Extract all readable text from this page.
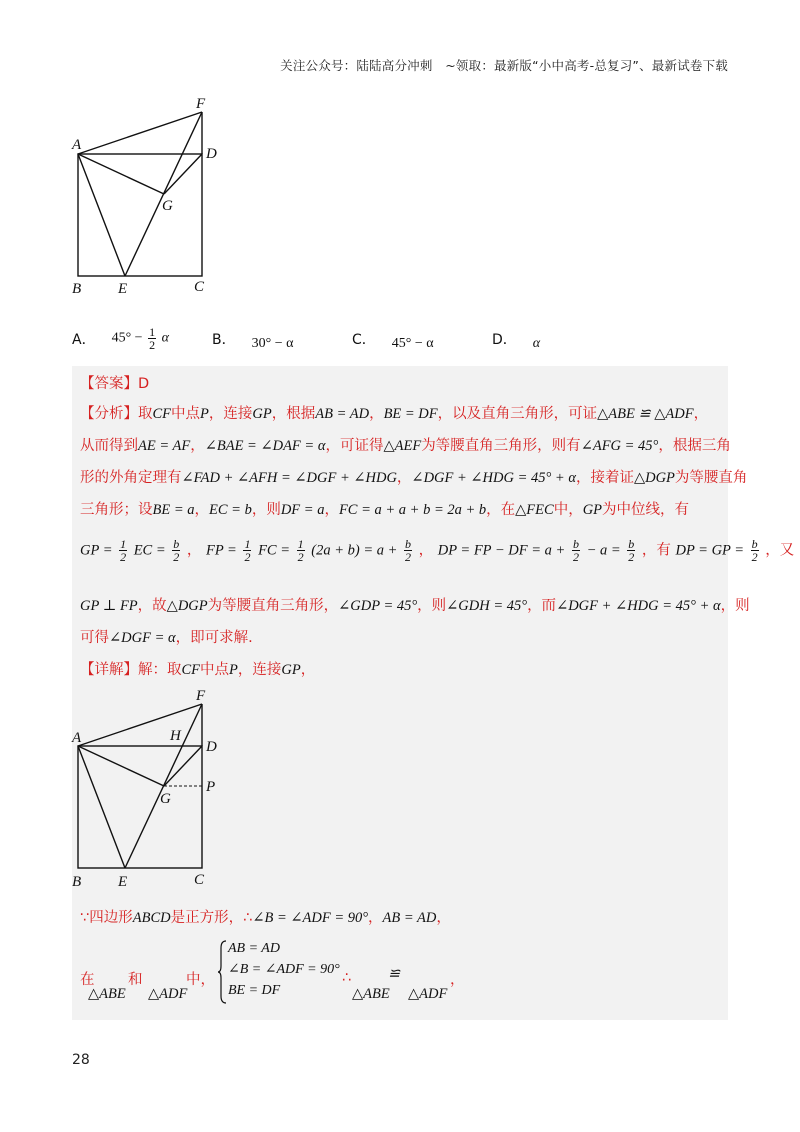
关注公众号：陆陆高分冲刺　~领取：最新版“小中高考-总复习”、最新试卷下载
A
B	C
D
E
F
G
A． $45^\circ - \frac{1}{2}$ α	B． 30° − α	C． 45° − α	D． α
【答案】D
【分析】取CF中点P，连接GP，根据AB = AD，BE = DF，以及直角三角形，可证△ABE ≌ △ADF，
从而得到AE = AF，∠BAE = ∠DAF = α，可证得△AEF为等腰直角三角形，则有∠AFG = 45°，根据三角
形的外角定理有∠FAD + ∠AFH = ∠DGF + ∠HDG，∠DGF + ∠HDG = 45° + α，接着证△DGP为等腰直角
三角形；设BE = a，EC = b，则DF = a，FC = a + a + b = 2a + b，在△FEC中，GP为中位线，有
GP = $\frac{1}{2}$ EC = $\frac{b}{2}$ ， FP = $\frac{1}{2}$ FC = $\frac{1}{2} (2a + b) = a + \frac{b}{2}$ ， DP = FP − DF = $a + \frac{b}{2} - a = \frac{b}{2}$ ，有 DP = GP = $\frac{b}{2}$ ，又
GP ⊥ FP，故△DGP为等腰直角三角形，∠GDP = 45°，则∠GDH = 45°，而∠DGF + ∠HDG = 45° + α，则
可得∠DGF = α，即可求解.
【详解】解：取CF中点P，连接GP，
A
B	C
D
E
F
G
H
P
∵四边形ABCD是正方形，∴∠B = ∠ADF = 90°，AB = AD，
在
△ABE
和
△ADF
中，
AB = AD
∠B = ∠ADF = 90°
BE = DF
∴
△ABE
≌
△ADF
，
28
